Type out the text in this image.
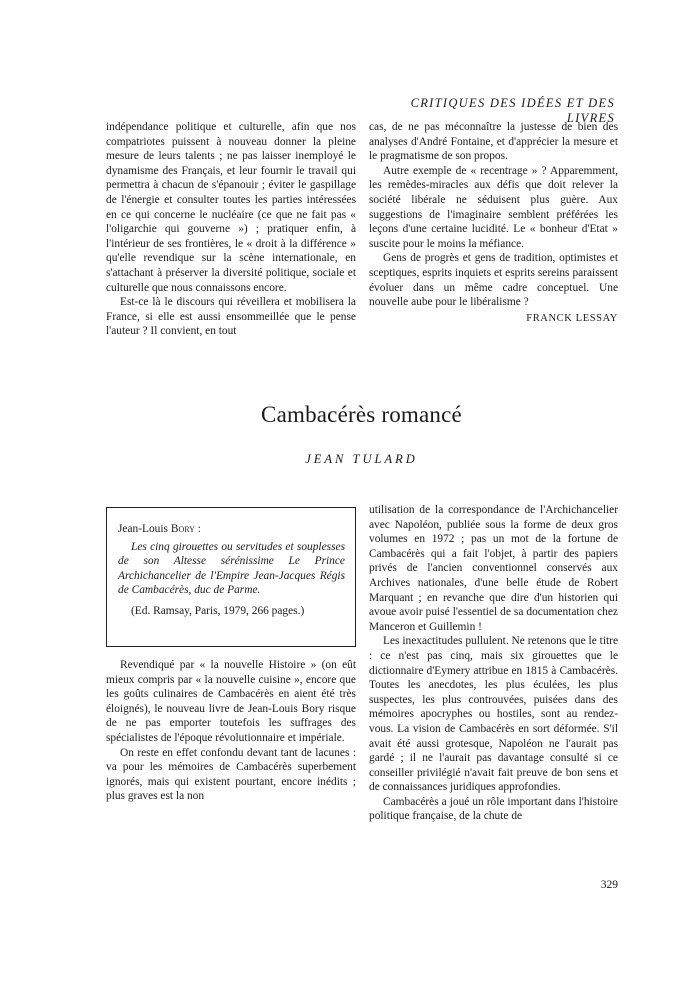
CRITIQUES DES IDÉES ET DES LIVRES

indépendance politique et culturelle, afin que nos compatriotes puissent à nouveau donner la pleine mesure de leurs talents ; ne pas laisser inemployé le dynamisme des Français, et leur fournir le travail qui permettra à chacun de s'épanouir ; éviter le gaspillage de l'énergie et consulter toutes les parties intéressées en ce qui concerne le nucléaire (ce que ne fait pas « l'oligarchie qui gouverne ») ; pratiquer enfin, à l'intérieur de ses frontières, le « droit à la différence » qu'elle revendique sur la scène internationale, en s'attachant à préserver la diversité politique, sociale et culturelle que nous connaissons encore.

Est-ce là le discours qui réveillera et mobilisera la France, si elle est aussi ensommeillée que le pense l'auteur ? Il convient, en tout

cas, de ne pas méconnaître la justesse de bien des analyses d'André Fontaine, et d'apprécier la mesure et le pragmatisme de son propos.

Autre exemple de « recentrage » ? Apparemment, les remèdes-miracles aux défis que doit relever la société libérale ne séduisent plus guère. Aux suggestions de l'imaginaire semblent préférées les leçons d'une certaine lucidité. Le « bonheur d'Etat » suscite pour le moins la méfiance.

Gens de progrès et gens de tradition, optimistes et sceptiques, esprits inquiets et esprits sereins paraissent évoluer dans un même cadre conceptuel. Une nouvelle aube pour le libéralisme ?

FRANCK LESSAY
Cambacérès romancé
JEAN TULARD

Jean-Louis Bory :

Les cinq girouettes ou servitudes et souplesses de son Altesse sérénissime Le Prince Archichancelier de l'Empire Jean-Jacques Régis de Cambacérès, duc de Parme.

(Ed. Ramsay, Paris, 1979, 266 pages.)

Revendiqué par « la nouvelle Histoire » (on eût mieux compris par « la nouvelle cuisine », encore que les goûts culinaires de Cambacérès en aient été très éloignés), le nouveau livre de Jean-Louis Bory risque de ne pas emporter toutefois les suffrages des spécialistes de l'époque révolutionnaire et impériale.

On reste en effet confondu devant tant de lacunes : va pour les mémoires de Cambacérès superbement ignorés, mais qui existent pourtant, encore inédits ; plus graves est la non

utilisation de la correspondance de l'Archichancelier avec Napoléon, publiée sous la forme de deux gros volumes en 1972 ; pas un mot de la fortune de Cambacérès qui a fait l'objet, à partir des papiers privés de l'ancien conventionnel conservés aux Archives nationales, d'une belle étude de Robert Marquant ; en revanche que dire d'un historien qui avoue avoir puisé l'essentiel de sa documentation chez Manceron et Guillemin !

Les inexactitudes pullulent. Ne retenons que le titre : ce n'est pas cinq, mais six girouettes que le dictionnaire d'Eymery attribue en 1815 à Cambacérès. Toutes les anecdotes, les plus éculées, les plus suspectes, les plus controuvées, puisées dans des mémoires apocryphes ou hostiles, sont au rendez-vous. La vision de Cambacérès en sort déformée. S'il avait été aussi grotesque, Napoléon ne l'aurait pas gardé ; il ne l'aurait pas davantage consulté si ce conseiller privilégié n'avait fait preuve de bon sens et de connaissances juridiques approfondies.

Cambacérès a joué un rôle important dans l'histoire politique française, de la chute de

329
